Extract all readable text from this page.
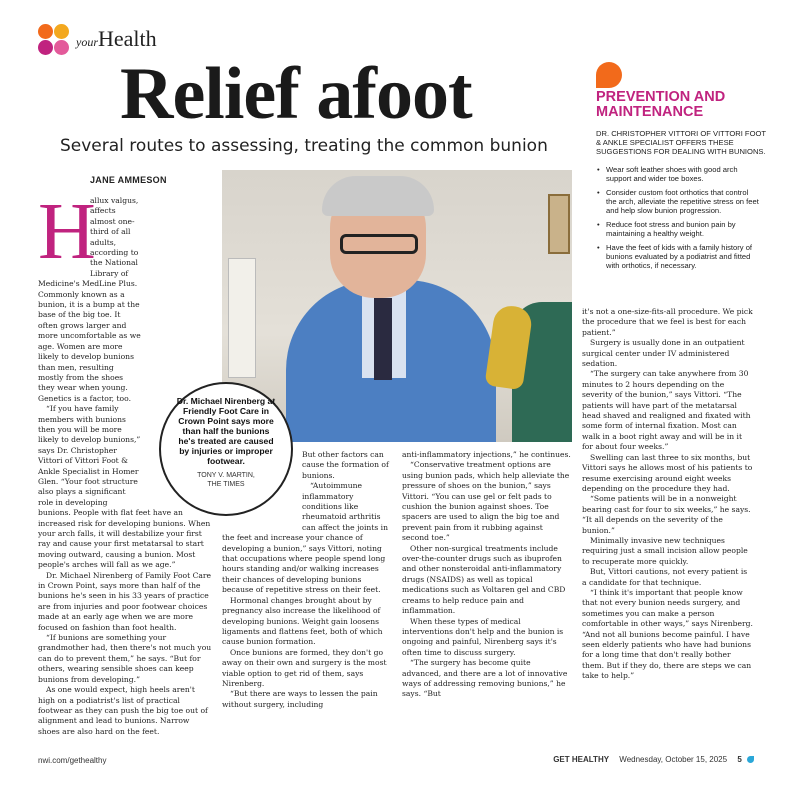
yourHealth
Relief afoot
Several routes to assessing, treating the common bunion
JANE AMMESON
H

allux valgus, affects almost one-third of all adults, according to the National Library of Medicine's MedLine Plus. Commonly known as a bunion, it is a bump at the base of the big toe. It often grows larger and more uncomfortable as we age. Women are more likely to develop bunions than men, resulting mostly from the shoes they wear when young. Genetics is a factor, too.

“If you have family members with bunions then you will be more likely to develop bunions,” says Dr. Christopher Vittori of Vittori Foot & Ankle Specialist in Homer Glen. “Your foot structure also plays a significant role in developing bunions. People with flat feet have an increased risk for developing bunions. When your arch falls, it will destabilize your first ray and cause your first metatarsal to start moving outward, causing a bunion. Most people's arches will fall as we age.”

Dr. Michael Nirenberg of Family Foot Care in Crown Point, says more than half of the bunions he's seen in his 33 years of practice are from injuries and poor footwear choices made at an early age when we are more focused on fashion than foot health.

“If bunions are something your grandmother had, then there's not much you can do to prevent them,” he says. “But for others, wearing sensible shoes can keep bunions from developing.”

As one would expect, high heels aren't high on a podiatrist's list of practical footwear as they can push the big toe out of alignment and lead to bunions. Narrow shoes are also hard on the feet.

Dr. Michael Nirenberg at Friendly Foot Care in Crown Point says more than half the bunions he's treated are caused by injuries or improper footwear.
TONY V. MARTIN,
THE TIMES

But other factors can cause the formation of bunions.

“Autoimmune inflammatory conditions like rheumatoid arthritis can affect the joints in the feet and increase your chance of developing a bunion,” says Vittori, noting that occupations where people spend long hours standing and/or walking increases their chances of developing bunions because of repetitive stress on their feet.

Hormonal changes brought about by pregnancy also increase the likelihood of developing bunions. Weight gain loosens ligaments and flattens feet, both of which cause bunion formation.

Once bunions are formed, they don't go away on their own and surgery is the most viable option to get rid of them, says Nirenberg.

“But there are ways to lessen the pain without surgery, including

anti-inflammatory injections,” he continues.

“Conservative treatment options are using bunion pads, which help alleviate the pressure of shoes on the bunion,” says Vittori. “You can use gel or felt pads to cushion the bunion against shoes. Toe spacers are used to align the big toe and prevent pain from it rubbing against second toe.”

Other non-surgical treatments include over-the-counter drugs such as ibuprofen and other nonsteroidal anti-inflammatory drugs (NSAIDS) as well as topical medications such as Voltaren gel and CBD creams to help reduce pain and inflammation.

When these types of medical interventions don't help and the bunion is ongoing and painful, Nirenberg says it's often time to discuss surgery.

“The surgery has become quite advanced, and there are a lot of innovative ways of addressing removing bunions,” he says. “But

PREVENTION AND
MAINTENANCE
DR. CHRISTOPHER VITTORI OF VITTORI FOOT & ANKLE SPECIALIST OFFERS THESE SUGGESTIONS FOR DEALING WITH BUNIONS.
• Wear soft leather shoes with good arch support and wider toe boxes.
• Consider custom foot orthotics that control the arch, alleviate the repetitive stress on feet and help slow bunion progression.
• Reduce foot stress and bunion pain by maintaining a healthy weight.
• Have the feet of kids with a family history of bunions evaluated by a podiatrist and fitted with orthotics, if necessary.

it's not a one-size-fits-all procedure. We pick the procedure that we feel is best for each patient.”

Surgery is usually done in an outpatient surgical center under IV administered sedation.

“The surgery can take anywhere from 30 minutes to 2 hours depending on the severity of the bunion,” says Vittori. “The patients will have part of the metatarsal head shaved and realigned and fixated with some form of internal fixation. Most can walk in a boot right away and will be in it for about four weeks.”

Swelling can last three to six months, but Vittori says he allows most of his patients to resume exercising around eight weeks depending on the procedure they had.

“Some patients will be in a nonweight bearing cast for four to six weeks,” he says. “It all depends on the severity of the bunion.”

Minimally invasive new techniques requiring just a small incision allow people to recuperate more quickly.

But, Vittori cautions, not every patient is a candidate for that technique.

“I think it's important that people know that not every bunion needs surgery, and sometimes you can make a person comfortable in other ways,” says Nirenberg. “And not all bunions become painful. I have seen elderly patients who have had bunions for a long time that don't really bother them. But if they do, there are steps we can take to help.”

nwi.com/gethealthy	GET HEALTHY Wednesday, October 15, 2025 5
